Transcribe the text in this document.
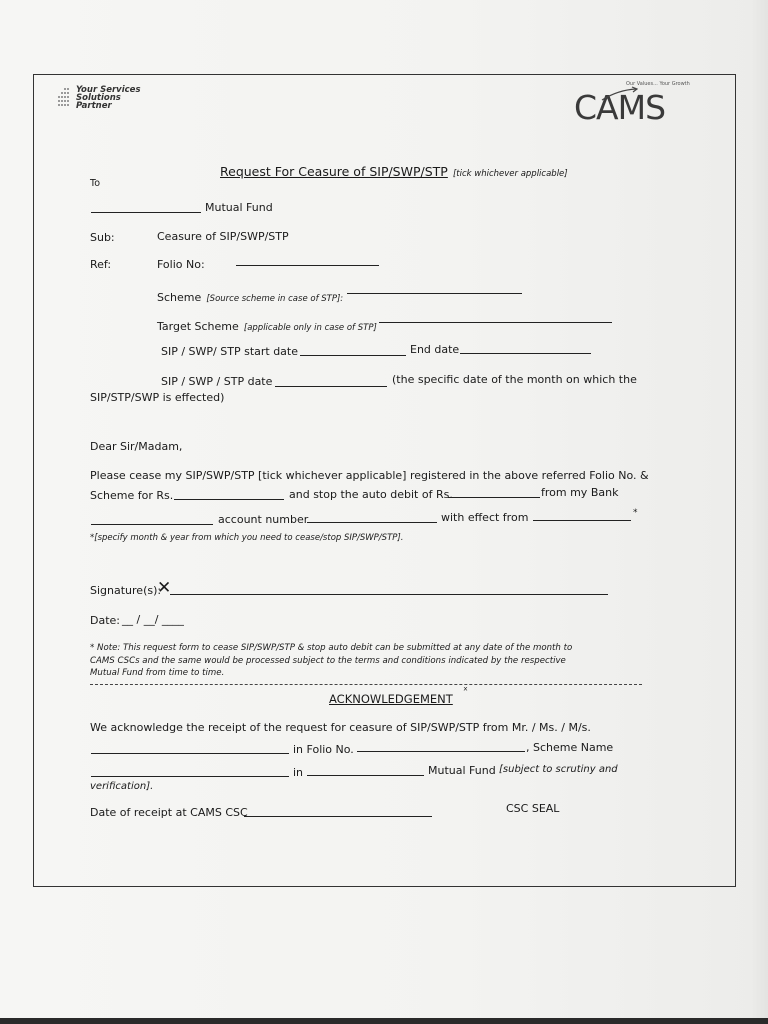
Your Services
Solutions
Partner
Our Values... Your Growth
CAMS
Request For Ceasure of SIP/SWP/STP [tick whichever applicable]
To
Mutual Fund
Sub:	Ceasure of SIP/SWP/STP
Ref:	Folio No:
Scheme [Source scheme in case of STP]:
Target Scheme [applicable only in case of STP]
SIP / SWP/ STP start date	End date
SIP / SWP / STP date	(the specific date of the month on which the
SIP/STP/SWP is effected)
Dear Sir/Madam,
Please cease my SIP/SWP/STP [tick whichever applicable] registered in the above referred Folio No. &
Scheme for Rs.	and stop the auto debit of Rs.	from my Bank
account number	with effect from	*
*[specify month & year from which you need to cease/stop SIP/SWP/STP].
Signature(s):
✕
Date: __ / __/ ____
* Note: This request form to cease SIP/SWP/STP & stop auto debit can be submitted at any date of the month to
CAMS CSCs and the same would be processed subject to the terms and conditions indicated by the respective
Mutual Fund from time to time.
ACKNOWLEDGEMENT
ˣ
We acknowledge the receipt of the request for ceasure of SIP/SWP/STP from Mr. / Ms. / M/s.
in Folio No.	, Scheme Name
in	Mutual Fund [subject to scrutiny and
verification].
Date of receipt at CAMS CSC	CSC SEAL
